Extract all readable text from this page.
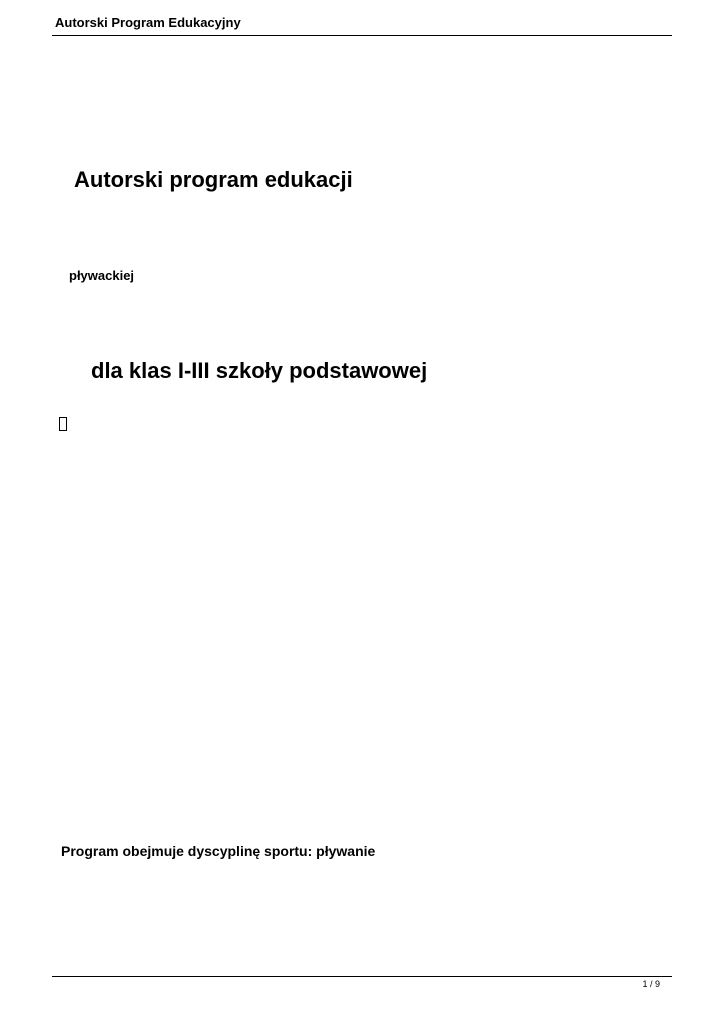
Autorski Program Edukacyjny
Autorski program edukacji
pływackiej
dla klas I-III szkoły podstawowej
Program obejmuje dyscyplinę sportu: pływanie
1 / 9
